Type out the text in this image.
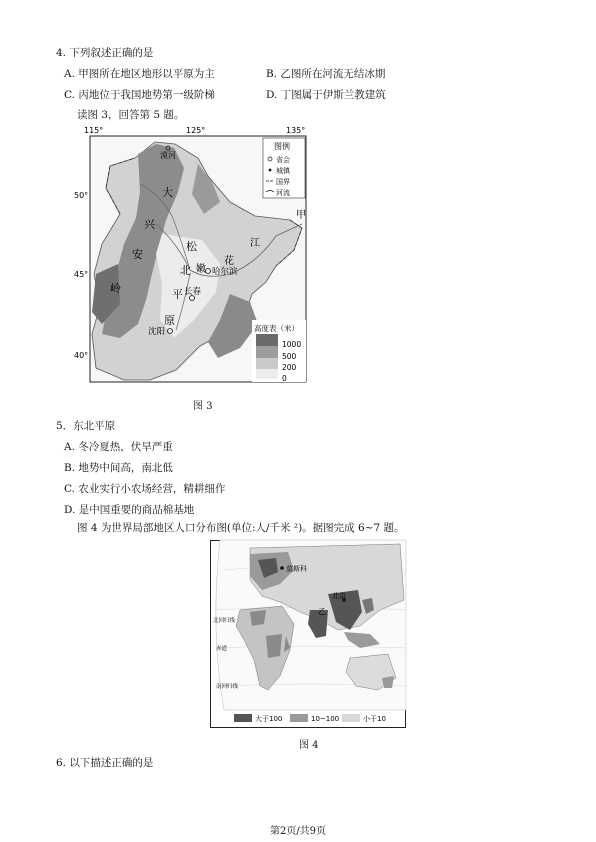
4. 下列叙述正确的是
A. 甲图所在地区地形以平原为主	B. 乙图所在河流无结冰期
C. 丙地位于我国地势第一级阶梯	D. 丁图属于伊斯兰教建筑
读图 3，回答第 5 题。
115°	125°	135°
50°
45°
40°
漠河
大
兴
安
岭
松
北
平
原
嫩
花
江
甲
哈尔滨
长春
沈阳
图例
省会
城镇
国界
河流
高度表（米）
1000
500
200
0
图 3
5．东北平原
A. 冬冷夏热，伏旱严重
B. 地势中间高，南北低
C. 农业实行小农场经营，精耕细作
D. 是中国重要的商品棉基地
图 4 为世界局部地区人口分布图(单位:人/千米 ²)。据图完成 6~7 题。
北回归线
赤道
南回归线
莫斯科
北京
乙
大于100	10~100	小于10
图 4
6. 以下描述正确的是
第2页/共9页
